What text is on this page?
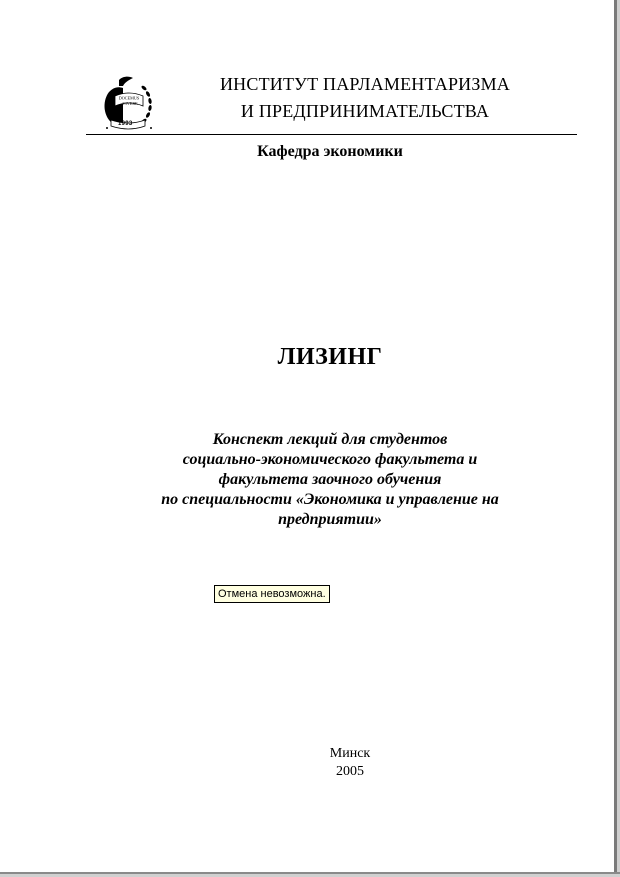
DOCEMUS
VIVERE
1993
ИНСТИТУТ ПАРЛАМЕНТАРИЗМА
И ПРЕДПРИНИМАТЕЛЬСТВА
Кафедра экономики
ЛИЗИНГ
Конспект лекций для студентов
социально-экономического факультета и
факультета заочного обучения
по специальности «Экономика и управление на
предприятии»
Отмена невозможна.
Минск
2005
